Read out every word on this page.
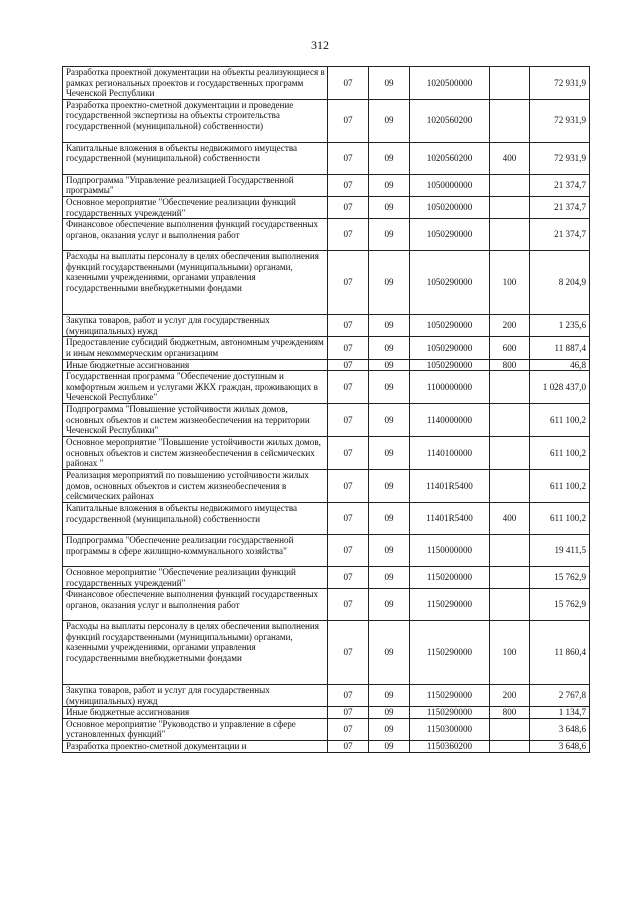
312
Разработка проектной документации на объекты реализующиеся в рамках региональных проектов и государственных программ Чеченской Республики	07	09	1020500000		72 931,9
Разработка проектно-сметной документации и проведение государственной экспертизы на объекты строительства государственной (муниципальной) собственности)	07	09	1020560200		72 931,9
Капитальные вложения в объекты недвижимого имущества государственной (муниципальной) собственности	07	09	1020560200	400	72 931,9
Подпрограмма "Управление реализацией Государственной программы"	07	09	1050000000		21 374,7
Основное мероприятие "Обеспечение реализации функций государственных учреждений"	07	09	1050200000		21 374,7
Финансовое обеспечение выполнения функций государственных органов, оказания услуг и выполнения работ	07	09	1050290000		21 374,7
Расходы на выплаты персоналу в целях обеспечения выполнения функций государственными (муниципальными) органами, казенными учреждениями, органами управления государственными внебюджетными фондами	07	09	1050290000	100	8 204,9
Закупка товаров, работ и услуг для государственных (муниципальных) нужд	07	09	1050290000	200	1 235,6
Предоставление субсидий бюджетным, автономным учреждениям и иным некоммерческим организациям	07	09	1050290000	600	11 887,4
Иные бюджетные ассигнования	07	09	1050290000	800	46,8
Государственная программа "Обеспечение доступным и комфортным жильем и услугами ЖКХ граждан, проживающих в Чеченской Республике"	07	09	1100000000		1 028 437,0
Подпрограмма "Повышение устойчивости жилых домов, основных объектов и систем жизнеобеспечения на территории Чеченской Республики"	07	09	1140000000		611 100,2
Основное мероприятие "Повышение устойчивости жилых домов, основных объектов и систем жизнеобеспечения в сейсмических районах "	07	09	1140100000		611 100,2
Реализация мероприятий по повышению устойчивости жилых домов, основных объектов и систем жизнеобеспечения в сейсмических районах	07	09	11401R5400		611 100,2
Капитальные вложения в объекты недвижимого имущества государственной (муниципальной) собственности	07	09	11401R5400	400	611 100,2
Подпрограмма "Обеспечение реализации государственной программы в сфере жилищно-коммунального хозяйства"	07	09	1150000000		19 411,5
Основное мероприятие "Обеспечение реализации функций государственных учреждений"	07	09	1150200000		15 762,9
Финансовое обеспечение выполнения функций государственных органов, оказания услуг и выполнения работ	07	09	1150290000		15 762,9
Расходы на выплаты персоналу в целях обеспечения выполнения функций государственными (муниципальными) органами, казенными учреждениями, органами управления государственными внебюджетными фондами	07	09	1150290000	100	11 860,4
Закупка товаров, работ и услуг для государственных (муниципальных) нужд	07	09	1150290000	200	2 767,8
Иные бюджетные ассигнования	07	09	1150290000	800	1 134,7
Основное мероприятие "Руководство и управление в сфере установленных функций"	07	09	1150300000		3 648,6
Разработка проектно-сметной документации и	07	09	1150360200		3 648,6
